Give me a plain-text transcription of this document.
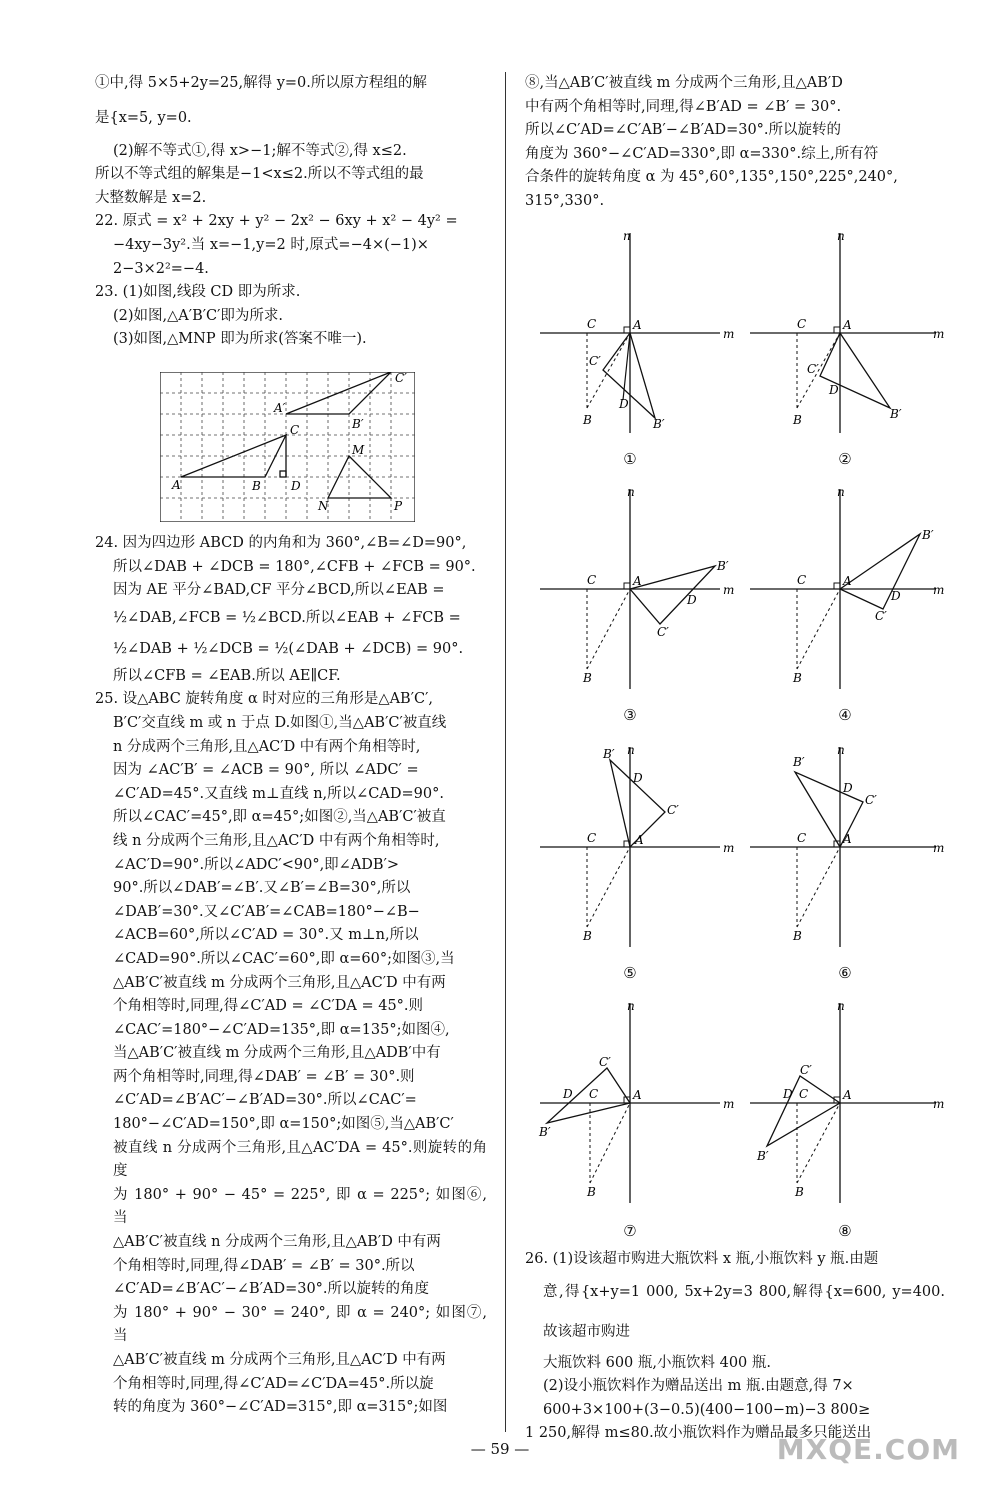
①中,得 5×5+2y=25,解得 y=0.所以原方程组的解

是{x=5, y=0.

(2)解不等式①,得 x>−1;解不等式②,得 x≤2.

所以不等式组的解集是−1<x≤2.所以不等式组的最

大整数解是 x=2.

22. 原式 = x² + 2xy + y² − 2x² − 6xy + x² − 4y² =

−4xy−3y².当 x=−1,y=2 时,原式=−4×(−1)×

2−3×2²=−4.

23. (1)如图,线段 CD 即为所求.

(2)如图,△A′B′C′即为所求.

(3)如图,△MNP 即为所求(答案不唯一).

A	B
C
D
A′
B′
C′
M
N	P

24. 因为四边形 ABCD 的内角和为 360°,∠B=∠D=90°,

所以∠DAB + ∠DCB = 180°,∠CFB + ∠FCB = 90°.

因为 AE 平分∠BAD,CF 平分∠BCD,所以∠EAB =

½∠DAB,∠FCB = ½∠BCD.所以∠EAB + ∠FCB =

½∠DAB + ½∠DCB = ½(∠DAB + ∠DCB) = 90°.

所以∠CFB = ∠EAB.所以 AE∥CF.

25. 设△ABC 旋转角度 α 时对应的三角形是△AB′C′,

B′C′交直线 m 或 n 于点 D.如图①,当△AB′C′被直线

n 分成两个三角形,且△AC′D 中有两个角相等时,

因为 ∠AC′B′ = ∠ACB = 90°, 所以 ∠ADC′ =

∠C′AD=45°.又直线 m⊥直线 n,所以∠CAD=90°.

所以∠CAC′=45°,即 α=45°;如图②,当△AB′C′被直

线 n 分成两个三角形,且△AC′D 中有两个角相等时,

∠AC′D=90°.所以∠ADC′<90°,即∠ADB′>

90°.所以∠DAB′=∠B′.又∠B′=∠B=30°,所以

∠DAB′=30°.又∠C′AB′=∠CAB=180°−∠B−

∠ACB=60°,所以∠C′AD = 30°.又 m⊥n,所以

∠CAD=90°.所以∠CAC′=60°,即 α=60°;如图③,当

△AB′C′被直线 m 分成两个三角形,且△AC′D 中有两

个角相等时,同理,得∠C′AD = ∠C′DA = 45°.则

∠CAC′=180°−∠C′AD=135°,即 α=135°;如图④,

当△AB′C′被直线 m 分成两个三角形,且△ADB′中有

两个角相等时,同理,得∠DAB′ = ∠B′ = 30°.则

∠C′AD=∠B′AC′−∠B′AD=30°.所以∠CAC′=

180°−∠C′AD=150°,即 α=150°;如图⑤,当△AB′C′

被直线 n 分成两个三角形,且△AC′DA = 45°.则旋转的角度

为 180° + 90° − 45° = 225°, 即 α = 225°; 如图⑥, 当

△AB′C′被直线 n 分成两个三角形,且△AB′D 中有两

个角相等时,同理,得∠DAB′ = ∠B′ = 30°.所以

∠C′AD=∠B′AC′−∠B′AD=30°.所以旋转的角度

为 180° + 90° − 30° = 240°, 即 α = 240°; 如图⑦, 当

△AB′C′被直线 m 分成两个三角形,且△AC′D 中有两

个角相等时,同理,得∠C′AD=∠C′DA=45°.所以旋

转的角度为 360°−∠C′AD=315°,即 α=315°;如图

⑧,当△AB′C′被直线 m 分成两个三角形,且△AB′D

中有两个角相等时,同理,得∠B′AD = ∠B′ = 30°.

所以∠C′AD=∠C′AB′−∠B′AD=30°.所以旋转的

角度为 360°−∠C′AD=330°,即 α=330°.综上,所有符

合条件的旋转角度 α 为 45°,60°,135°,150°,225°,240°,

315°,330°.

m
n
A
C
B
C′
D
B′
①
m
n
A
C
B
C′
D
B′
②
m
n
A
C
B
C′
D
B′
③
m
n
A
C
B
C′
D
B′
④
m
n
A
C
B
C′
D
B′
⑤
m
n
A
C
B
C′
D
B′
⑥
m
n
A
C
B
C′
D
B′
⑦
m
n
A
C
B
C′
D
B′
⑧

26. (1)设该超市购进大瓶饮料 x 瓶,小瓶饮料 y 瓶.由题

意,得{x+y=1 000, 5x+2y=3 800,解得{x=600, y=400.故该超市购进

大瓶饮料 600 瓶,小瓶饮料 400 瓶.

(2)设小瓶饮料作为赠品送出 m 瓶.由题意,得 7×

600+3×100+(3−0.5)(400−100−m)−3 800≥

1 250,解得 m≤80.故小瓶饮料作为赠品最多只能送出

— 59 —	MXQE.COM
